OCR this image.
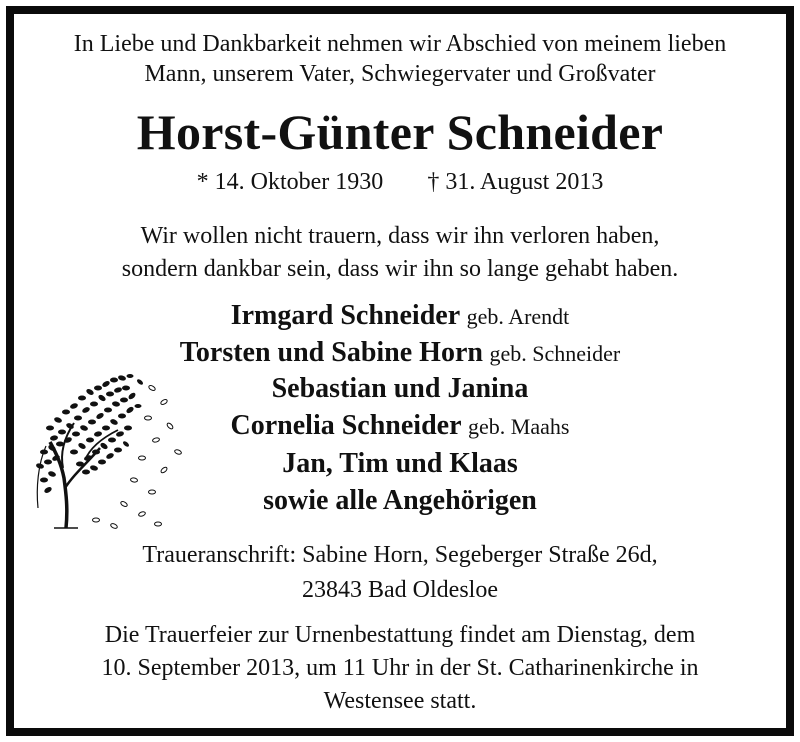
In Liebe und Dankbarkeit nehmen wir Abschied von meinem lieben
Mann, unserem Vater, Schwiegervater und Großvater
Horst-Günter Schneider
* 14. Oktober 1930 † 31. August 2013
Wir wollen nicht trauern, dass wir ihn verloren haben,
sondern dankbar sein, dass wir ihn so lange gehabt haben.
Irmgard Schneider geb. Arendt
Torsten und Sabine Horn geb. Schneider
Sebastian und Janina
Cornelia Schneider geb. Maahs
Jan, Tim und Klaas
sowie alle Angehörigen
Traueranschrift: Sabine Horn, Segeberger Straße 26d,
23843 Bad Oldesloe
Die Trauerfeier zur Urnenbestattung findet am Dienstag, dem
10. September 2013, um 11 Uhr in der St. Catharinenkirche in
Westensee statt.
